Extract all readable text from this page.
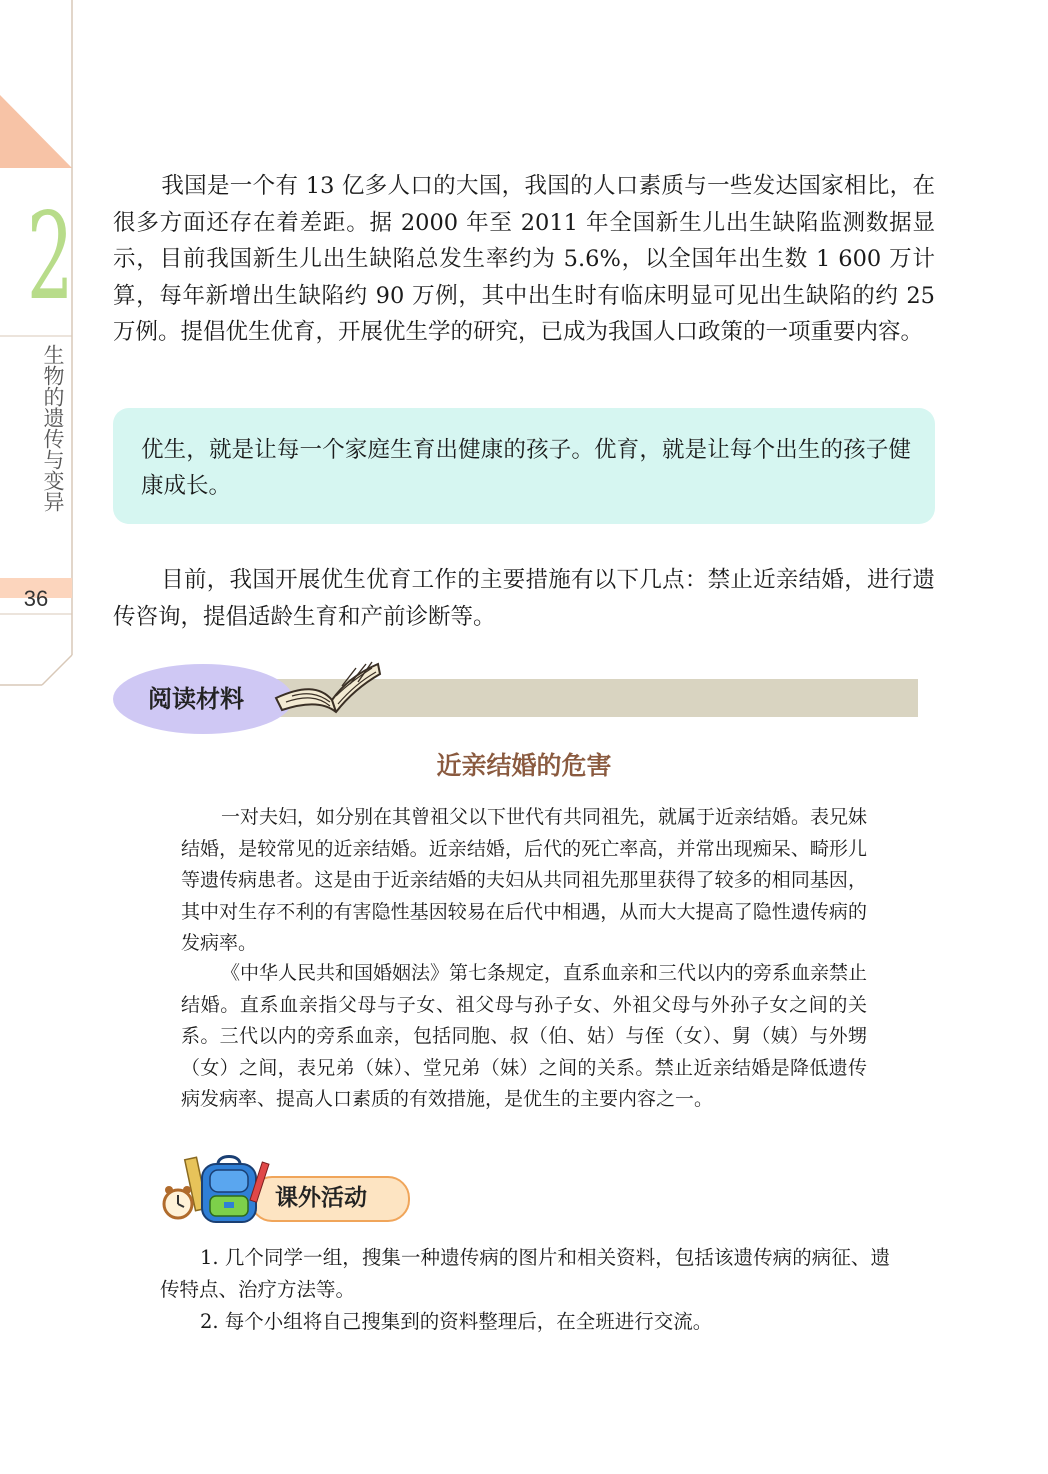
2
生物的遗传与变异
36

我国是一个有 13 亿多人口的大国，我国的人口素质与一些发达国家相比，在很多方面还存在着差距。据 2000 年至 2011 年全国新生儿出生缺陷监测数据显示，目前我国新生儿出生缺陷总发生率约为 5.6%，以全国年出生数 1 600 万计算，每年新增出生缺陷约 90 万例，其中出生时有临床明显可见出生缺陷的约 25 万例。提倡优生优育，开展优生学的研究，已成为我国人口政策的一项重要内容。

优生，就是让每一个家庭生育出健康的孩子。优育，就是让每个出生的孩子健康成长。

目前，我国开展优生优育工作的主要措施有以下几点：禁止近亲结婚，进行遗传咨询，提倡适龄生育和产前诊断等。

阅读材料
近亲结婚的危害

一对夫妇，如分别在其曾祖父以下世代有共同祖先，就属于近亲结婚。表兄妹结婚，是较常见的近亲结婚。近亲结婚，后代的死亡率高，并常出现痴呆、畸形儿等遗传病患者。这是由于近亲结婚的夫妇从共同祖先那里获得了较多的相同基因，其中对生存不利的有害隐性基因较易在后代中相遇，从而大大提高了隐性遗传病的发病率。

《中华人民共和国婚姻法》第七条规定，直系血亲和三代以内的旁系血亲禁止结婚。直系血亲指父母与子女、祖父母与孙子女、外祖父母与外孙子女之间的关系。三代以内的旁系血亲，包括同胞、叔（伯、姑）与侄（女）、舅（姨）与外甥（女）之间，表兄弟（妹）、堂兄弟（妹）之间的关系。禁止近亲结婚是降低遗传病发病率、提高人口素质的有效措施，是优生的主要内容之一。

课外活动

1. 几个同学一组，搜集一种遗传病的图片和相关资料，包括该遗传病的病征、遗传特点、治疗方法等。

2. 每个小组将自己搜集到的资料整理后，在全班进行交流。
